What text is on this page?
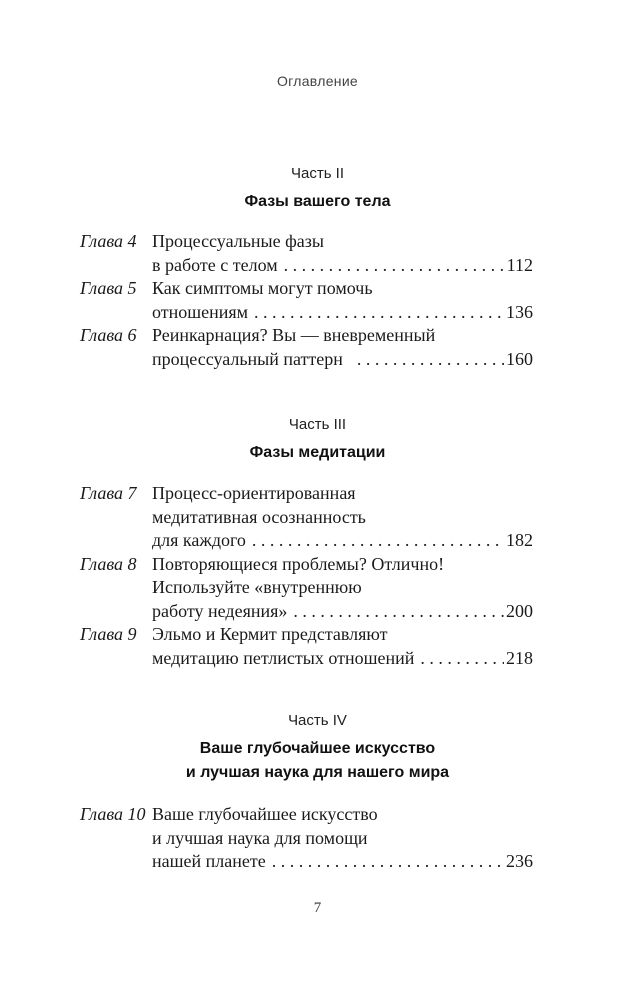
Оглавление
Часть II
Фазы вашего тела
Глава 4 Процессуальные фазы
в работе с телом . . .	112
Глава 5 Как симптомы могут помочь
отношениям . . .	136
Глава 6 Реинкарнация? Вы — вневременный
процессуальный паттерн . . .	160
Часть III
Фазы медитации
Глава 7 Процесс-ориентированная
медитативная осознанность
для каждого . . .	182
Глава 8 Повторяющиеся проблемы? Отлично!
Используйте «внутреннюю
работу недеяния» . . .	200
Глава 9 Эльмо и Кермит представляют
медитацию петлистых отношений . . .	218
Часть IV
Ваше глубочайшее искусство
и лучшая наука для нашего мира
Глава 10 Ваше глубочайшее искусство
и лучшая наука для помощи
нашей планете . . .	236
7
